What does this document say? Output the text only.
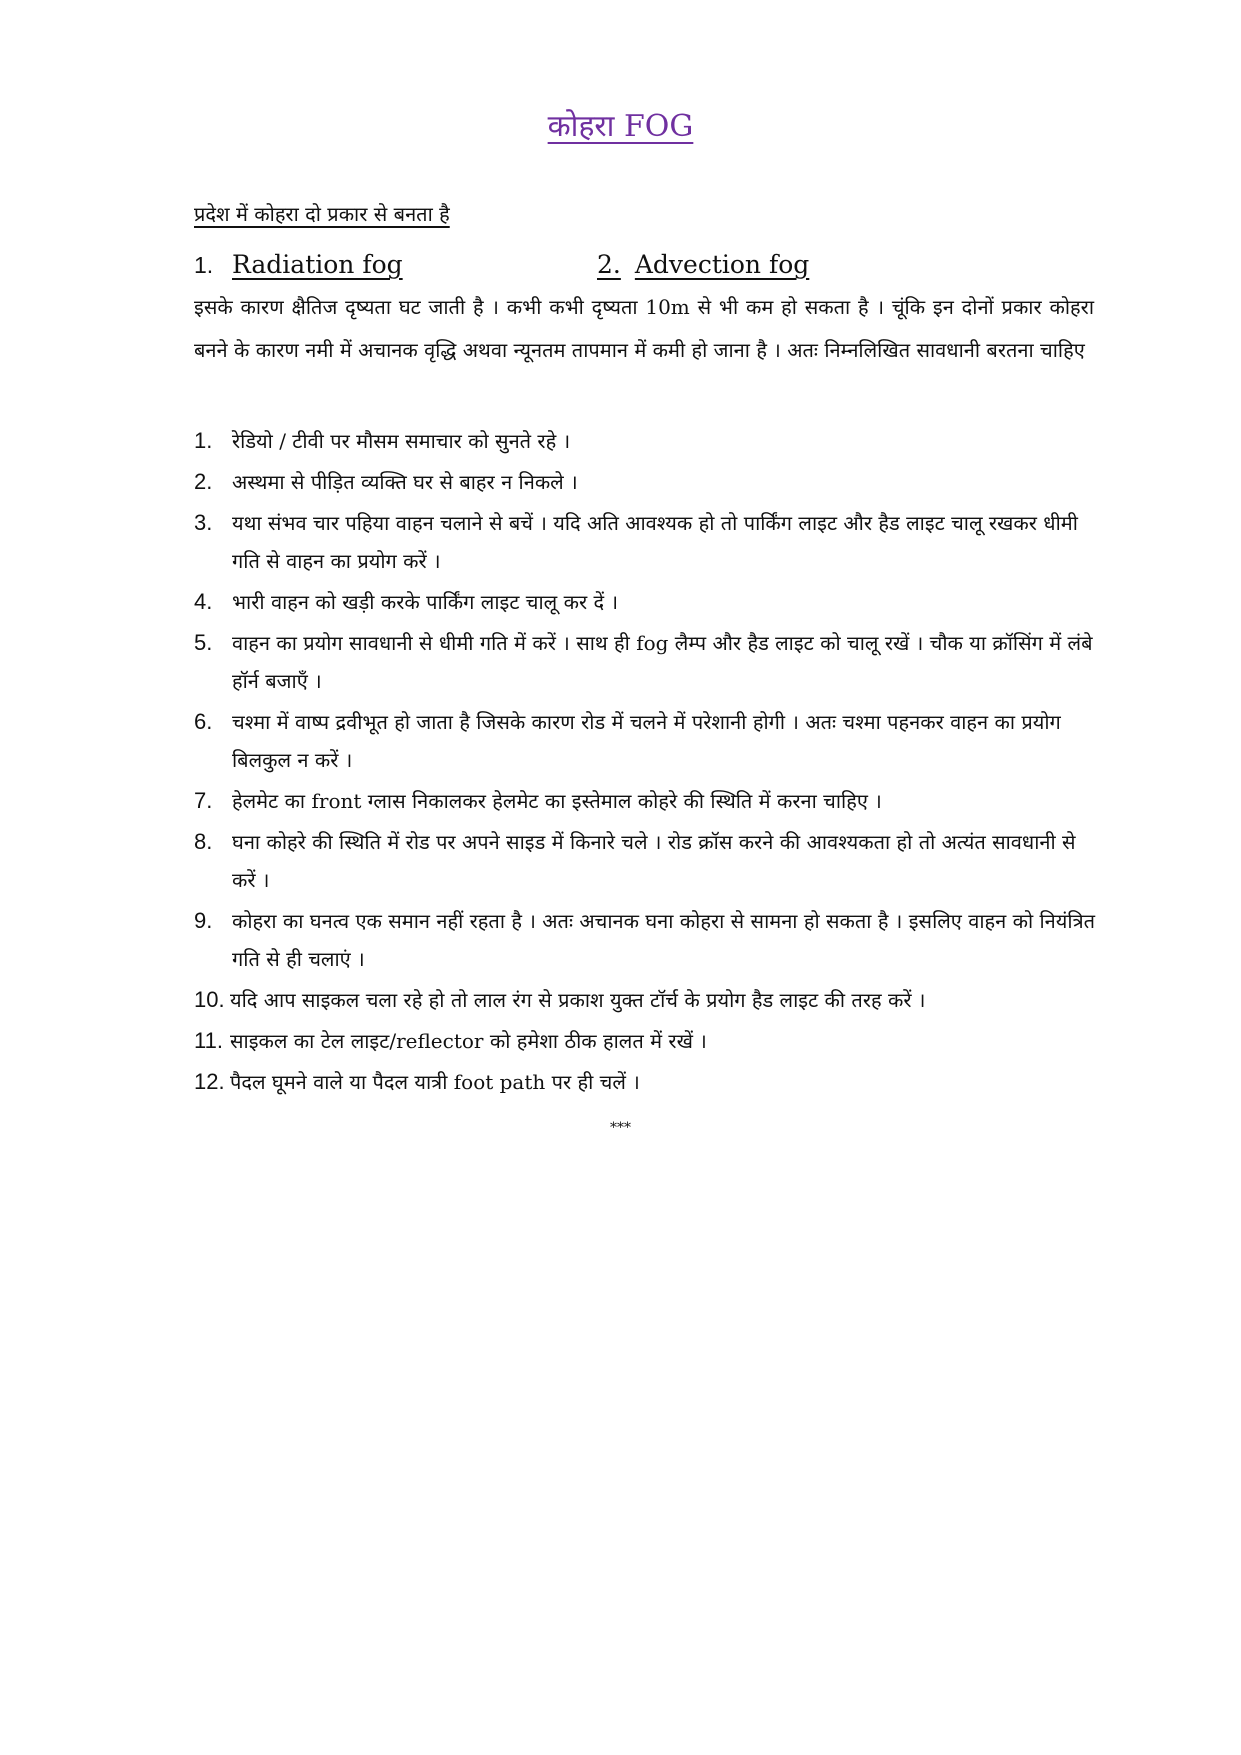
कोहरा FOG
प्रदेश में कोहरा दो प्रकार से बनता है
1. Radiation fog	2. Advection fog
इसके कारण क्षैतिज दृष्यता घट जाती है । कभी कभी दृष्यता 10m से भी कम हो सकता है । चूंकि इन दोनों प्रकार कोहरा बनने के कारण नमी में अचानक वृद्धि अथवा न्यूनतम तापमान में कमी हो जाना है । अतः निम्नलिखित सावधानी बरतना चाहिए
1. रेडियो / टीवी पर मौसम समाचार को सुनते रहे ।
2. अस्थमा से पीड़ित व्यक्ति घर से बाहर न निकले ।
3. यथा संभव चार पहिया वाहन चलाने से बचें । यदि अति आवश्यक हो तो पार्किंग लाइट और हैड लाइट चालू रखकर धीमी गति से वाहन का प्रयोग करें ।
4. भारी वाहन को खड़ी करके पार्किंग लाइट चालू कर दें ।
5. वाहन का प्रयोग सावधानी से धीमी गति में करें । साथ ही fog लैम्प और हैड लाइट को चालू रखें । चौक या क्रॉसिंग में लंबे हॉर्न बजाएँ ।
6. चश्मा में वाष्प द्रवीभूत हो जाता है जिसके कारण रोड में चलने में परेशानी होगी । अतः चश्मा पहनकर वाहन का प्रयोग बिलकुल न करें ।
7. हेलमेट का front ग्लास निकालकर हेलमेट का इस्तेमाल कोहरे की स्थिति में करना चाहिए ।
8. घना कोहरे की स्थिति में रोड पर अपने साइड में किनारे चले । रोड क्रॉस करने की आवश्यकता हो तो अत्यंत सावधानी से करें ।
9. कोहरा का घनत्व एक समान नहीं रहता है । अतः अचानक घना कोहरा से सामना हो सकता है । इसलिए वाहन को नियंत्रित गति से ही चलाएं ।
10. यदि आप साइकल चला रहे हो तो लाल रंग से प्रकाश युक्त टॉर्च के प्रयोग हैड लाइट की तरह करें ।
11. साइकल का टेल लाइट/reflector को हमेशा ठीक हालत में रखें ।
12. पैदल घूमने वाले या पैदल यात्री foot path पर ही चलें ।
***
